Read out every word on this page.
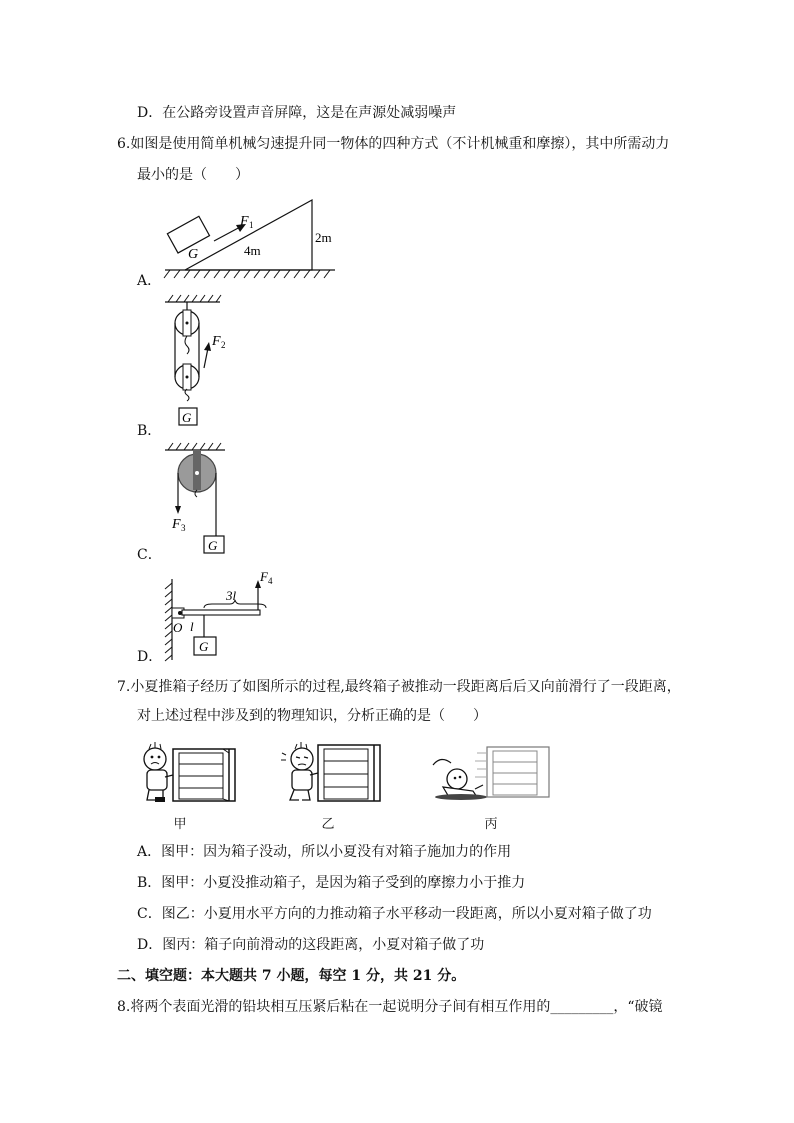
D．在公路旁设置声音屏障，这是在声源处减弱噪声
6.如图是使用简单机械匀速提升同一物体的四种方式（不计机械重和摩擦），其中所需动力
最小的是（　　）
A．
G
F 1
4m
2m
B．
F 2
G
C．
F 3
G
D．
F 4
3l
G
O l
7.小夏推箱子经历了如图所示的过程,最终箱子被推动一段距离后后又向前滑行了一段距离，
对上述过程中涉及到的物理知识，分析正确的是（　　）
甲	乙	丙
A．图甲：因为箱子没动，所以小夏没有对箱子施加力的作用
B．图甲：小夏没推动箱子，是因为箱子受到的摩擦力小于推力
C．图乙：小夏用水平方向的力推动箱子水平移动一段距离，所以小夏对箱子做了功
D．图丙：箱子向前滑动的这段距离，小夏对箱子做了功
二、填空题：本大题共 7 小题，每空 1 分，共 21 分。
8.将两个表面光滑的铅块相互压紧后粘在一起说明分子间有相互作用的_________，“破镜
